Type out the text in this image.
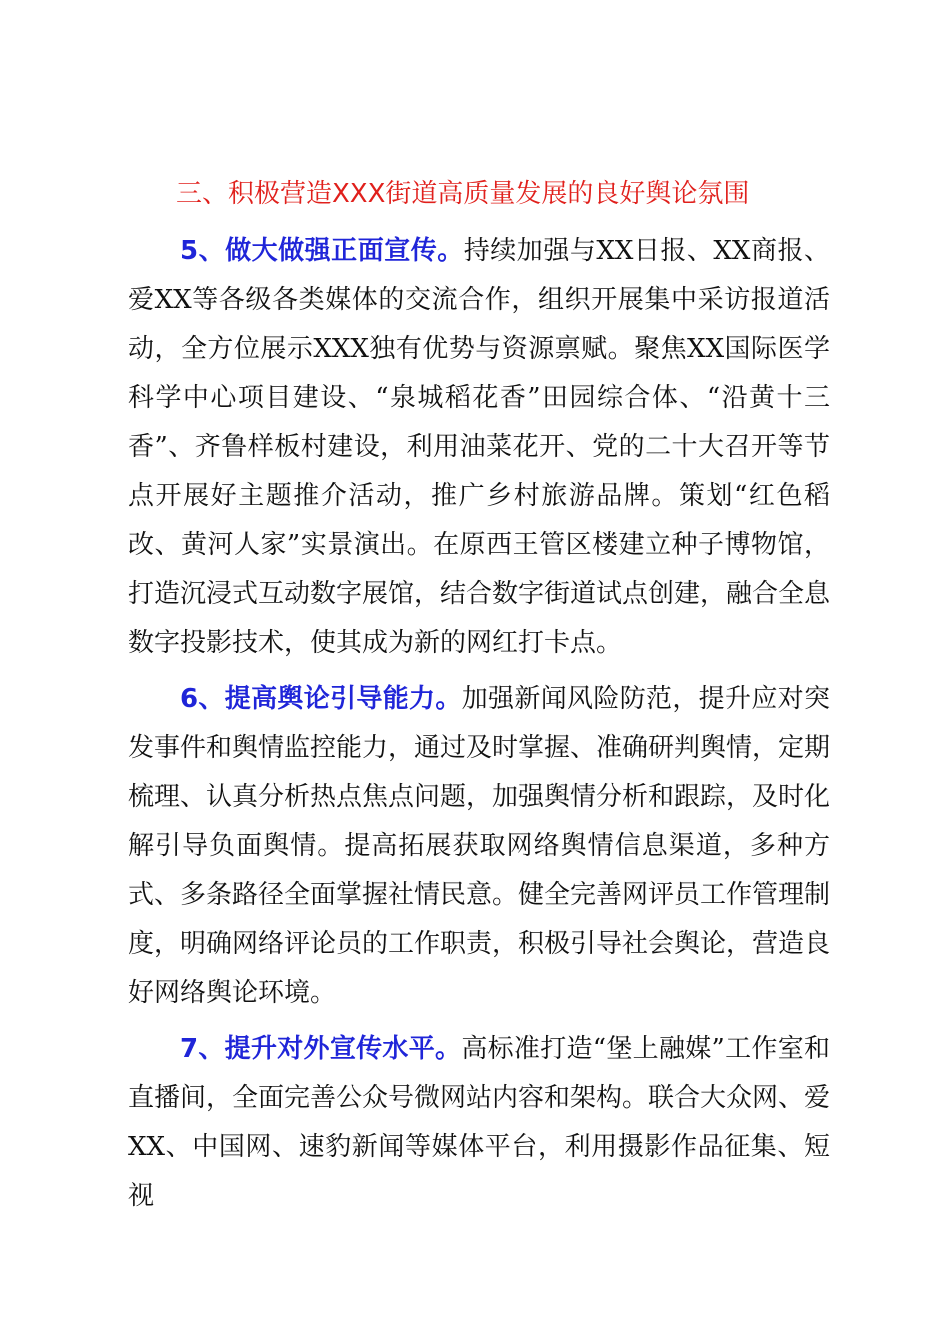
三、积极营造XXX街道高质量发展的良好舆论氛围

5、做大做强正面宣传。持续加强与XX日报、XX商报、爱XX等各级各类媒体的交流合作，组织开展集中采访报道活动，全方位展示XXX独有优势与资源禀赋。聚焦XX国际医学科学中心项目建设、“泉城稻花香”田园综合体、“沿黄十三香”、齐鲁样板村建设，利用油菜花开、党的二十大召开等节点开展好主题推介活动，推广乡村旅游品牌。策划“红色稻改、黄河人家”实景演出。在原西王管区楼建立种子博物馆，打造沉浸式互动数字展馆，结合数字街道试点创建，融合全息数字投影技术，使其成为新的网红打卡点。

6、提高舆论引导能力。加强新闻风险防范，提升应对突发事件和舆情监控能力，通过及时掌握、准确研判舆情，定期梳理、认真分析热点焦点问题，加强舆情分析和跟踪，及时化解引导负面舆情。提高拓展获取网络舆情信息渠道，多种方式、多条路径全面掌握社情民意。健全完善网评员工作管理制度，明确网络评论员的工作职责，积极引导社会舆论，营造良好网络舆论环境。

7、提升对外宣传水平。高标准打造“堡上融媒”工作室和直播间，全面完善公众号微网站内容和架构。联合大众网、爱XX、中国网、速豹新闻等媒体平台，利用摄影作品征集、短视
